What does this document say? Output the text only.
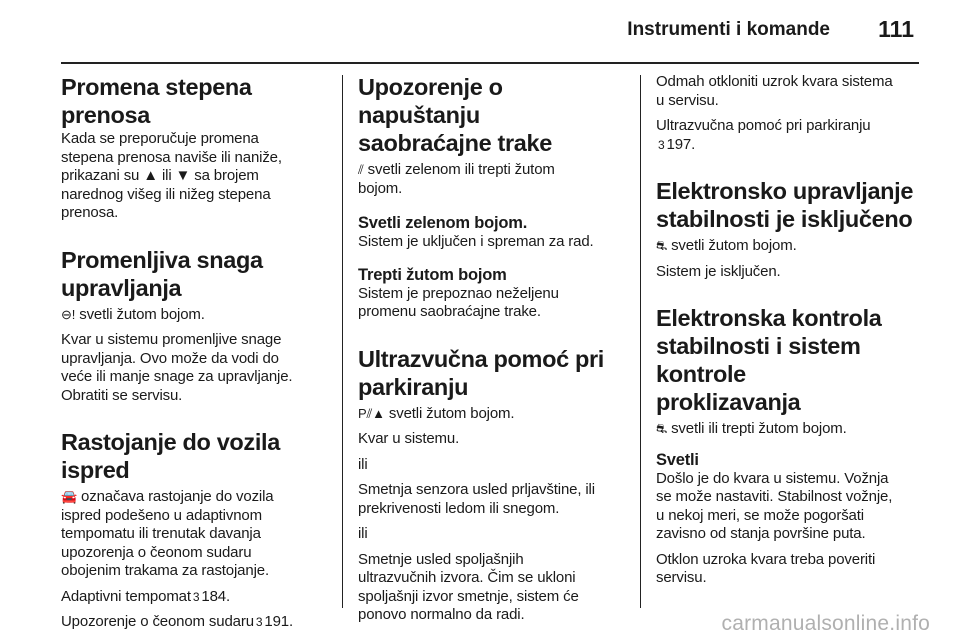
Instrumenti i komande 111
Promena stepena prenosa

Kada se preporučuje promena
stepena prenosa naviše ili naniže,
prikazani su ▲ ili ▼ sa brojem
narednog višeg ili nižeg stepena
prenosa.

Promenljiva snaga
upravljanja

⊖! svetli žutom bojom.

Kvar u sistemu promenljive snage
upravljanja. Ovo može da vodi do
veće ili manje snage za upravljanje.
Obratiti se servisu.

Rastojanje do vozila ispred

🚘 označava rastojanje do vozila
ispred podešeno u adaptivnom
tempomatu ili trenutak davanja
upozorenja o čeonom sudaru
obojenim trakama za rastojanje.

Adaptivni tempomat 3 184.

Upozorenje o čeonom sudaru 3 191.

Upozorenje o napuštanju
saobraćajne trake

⫽ svetli zelenom ili trepti žutom
bojom.

Svetli zelenom bojom.

Sistem je uključen i spreman za rad.

Trepti žutom bojom

Sistem je prepoznao neželjenu
promenu saobraćajne trake.

Ultrazvučna pomoć pri
parkiranju

P⫽▲ svetli žutom bojom.

Kvar u sistemu.

ili

Smetnja senzora usled prljavštine, ili
prekrivenosti ledom ili snegom.

ili

Smetnje usled spoljašnjih
ultrazvučnih izvora. Čim se ukloni
spoljašnji izvor smetnje, sistem će
ponovo normalno da radi.

Odmah otkloniti uzrok kvara sistema
u servisu.

Ultrazvučna pomoć pri parkiranju
3 197.

Elektronsko upravljanje
stabilnosti je isključeno

⛐ svetli žutom bojom.

Sistem je isključen.

Elektronska kontrola
stabilnosti i sistem kontrole
proklizavanja

⛐ svetli ili trepti žutom bojom.

Svetli

Došlo je do kvara u sistemu. Vožnja
se može nastaviti. Stabilnost vožnje,
u nekoj meri, se može pogoršati
zavisno od stanja površine puta.

Otklon uzroka kvara treba poveriti
servisu.

carmanualsonline.info
